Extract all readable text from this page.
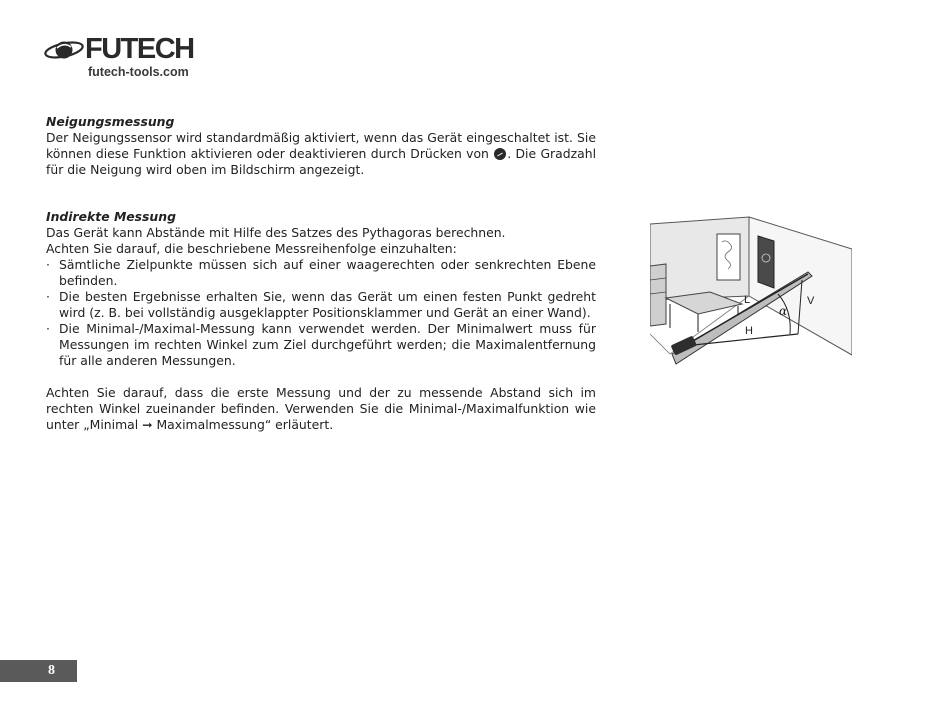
FUTECH
futech-tools.com
Neigungsmessung
Der Neigungssensor wird standardmäßig aktiviert, wenn das Gerät eingeschaltet ist. Sie können diese Funktion aktivieren oder deaktivieren durch Drücken von . Die Gradzahl für die Neigung wird oben im Bildschirm angezeigt.
Indirekte Messung
Das Gerät kann Abstände mit Hilfe des Satzes des Pythagoras berechnen.
Achten Sie darauf, die beschriebene Messreihenfolge einzuhalten:
· Sämtliche Zielpunkte müssen sich auf einer waagerechten oder senkrechten Ebene befinden.
· Die besten Ergebnisse erhalten Sie, wenn das Gerät um einen festen Punkt gedreht wird (z. B. bei vollständig ausgeklappter Positionsklammer und Gerät an einer Wand).
· Die Minimal-/Maximal-Messung kann verwendet werden. Der Minimalwert muss für Messungen im rechten Winkel zum Ziel durchgeführt werden; die Maximalentfernung für alle anderen Messungen.
Achten Sie darauf, dass die erste Messung und der zu messende Abstand sich im rechten Winkel zueinander befinden. Verwenden Sie die Minimal-/Maximalfunktion wie unter „Minimal ➞ Maximalmessung“ erläutert.
L	V
H
α
8
